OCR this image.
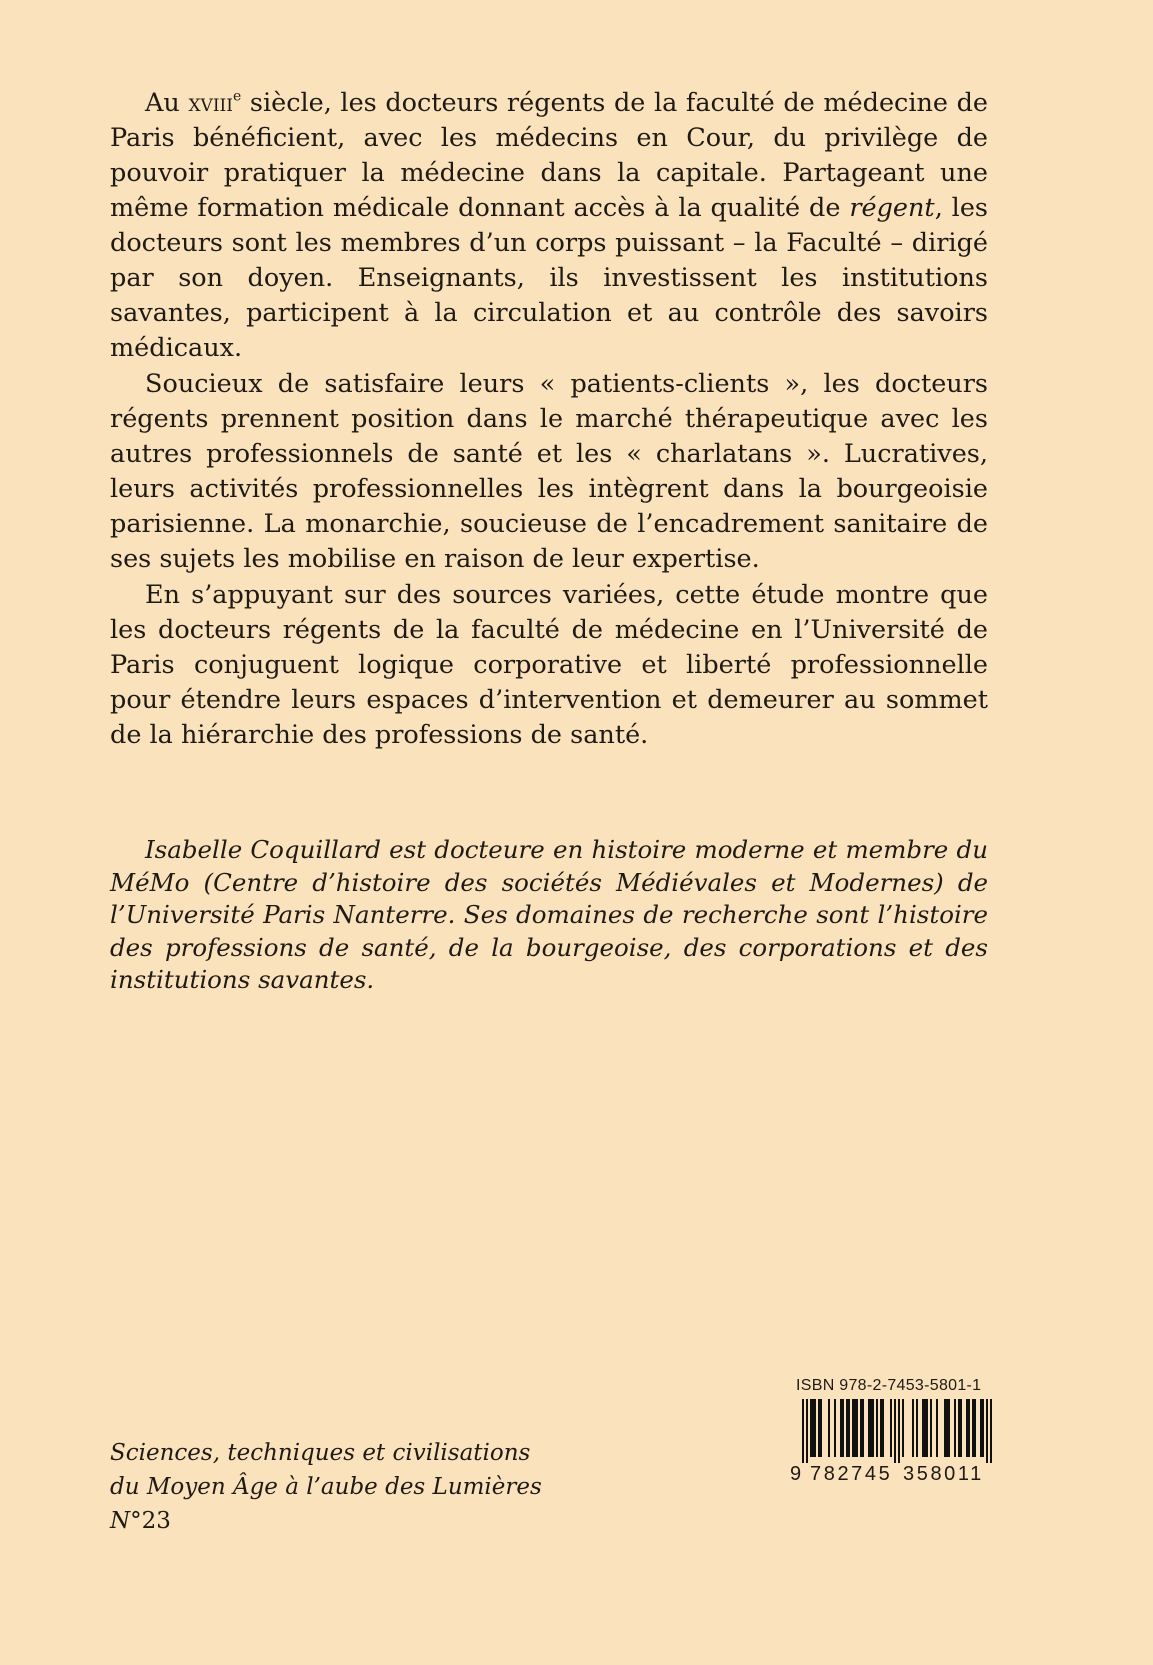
Au xviii$^e$ siècle, les docteurs régents de la faculté de médecine de Paris bénéficient, avec les médecins en Cour, du privilège de pouvoir pratiquer la médecine dans la capitale. Partageant une même formation médicale donnant accès à la qualité de régent, les docteurs sont les membres d’un corps puissant – la Faculté – dirigé par son doyen. Enseignants, ils investissent les institutions savantes, participent à la circulation et au contrôle des savoirs médicaux.

Soucieux de satisfaire leurs « patients-clients », les docteurs régents prennent position dans le marché thérapeutique avec les autres professionnels de santé et les « charlatans ». Lucratives, leurs activités professionnelles les intègrent dans la bourgeoisie parisienne. La monarchie, soucieuse de l’encadrement sanitaire de ses sujets les mobilise en raison de leur expertise.

En s’appuyant sur des sources variées, cette étude montre que les docteurs régents de la faculté de médecine en l’Université de Paris conjuguent logique corporative et liberté professionnelle pour étendre leurs espaces d’intervention et demeurer au sommet de la hiérarchie des professions de santé.

Isabelle Coquillard est docteure en histoire moderne et membre du MéMo (Centre d’histoire des sociétés Médiévales et Modernes) de l’Université Paris Nanterre. Ses domaines de recherche sont l’histoire des professions de santé, de la bourgeoise, des corporations et des institutions savantes.

Sciences, techniques et civilisations
du Moyen Âge à l’aube des Lumières N°23
ISBN 978-2-7453-5801-1
9 782745 358011
